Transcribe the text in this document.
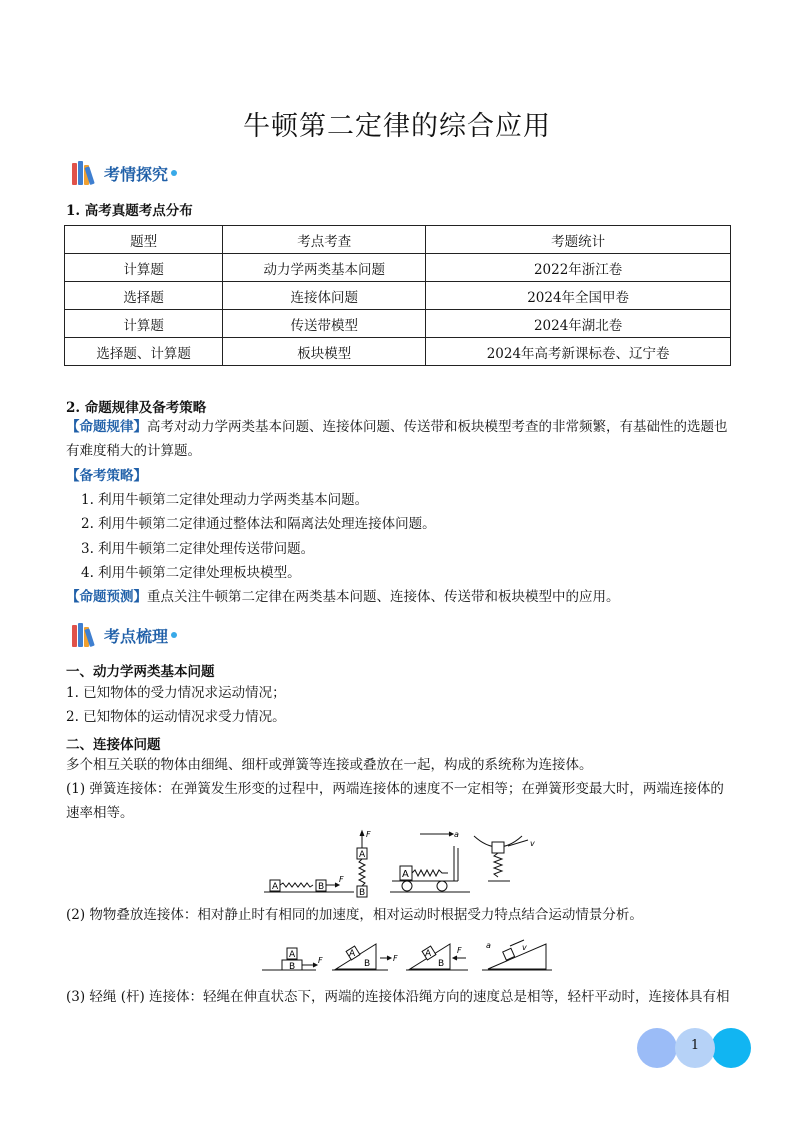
牛顿第二定律的综合应用
考情探究
1. 高考真题考点分布
题型	考点考查	考题统计
计算题	动力学两类基本问题	2022年浙江卷
选择题	连接体问题	2024年全国甲卷
计算题	传送带模型	2024年湖北卷
选择题、计算题	板块模型	2024年高考新课标卷、辽宁卷
2. 命题规律及备考策略
【命题规律】高考对动力学两类基本问题、连接体问题、传送带和板块模型考查的非常频繁，有基础性的选题也
有难度稍大的计算题。
【备考策略】
1. 利用牛顿第二定律处理动力学两类基本问题。
2. 利用牛顿第二定律通过整体法和隔离法处理连接体问题。
3. 利用牛顿第二定律处理传送带问题。
4. 利用牛顿第二定律处理板块模型。
【命题预测】重点关注牛顿第二定律在两类基本问题、连接体、传送带和板块模型中的应用。
考点梳理
一、动力学两类基本问题
1. 已知物体的受力情况求运动情况；
2. 已知物体的运动情况求受力情况。
二、连接体问题
多个相互关联的物体由细绳、细杆或弹簧等连接或叠放在一起，构成的系统称为连接体。
(1) 弹簧连接体：在弹簧发生形变的过程中，两端连接体的速度不一定相等；在弹簧形变最大时，两端连接体的
速率相等。
A	B
F
F
A
B
A
a
v
(2) 物物叠放连接体：相对静止时有相同的加速度，相对运动时根据受力特点结合运动情景分析。
A
B
F
A
B
F	A
B
F
a	v
(3) 轻绳 (杆) 连接体：轻绳在伸直状态下，两端的连接体沿绳方向的速度总是相等，轻杆平动时，连接体具有相
1
